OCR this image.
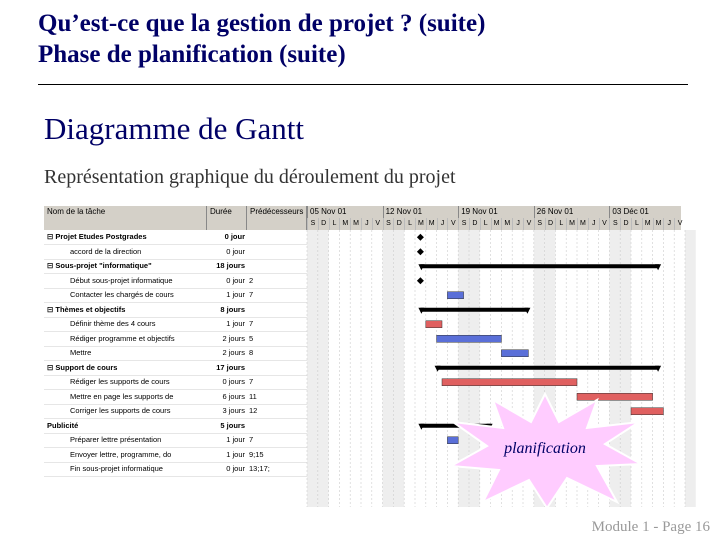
Qu’est-ce que la gestion de projet ? (suite)
Phase de planification (suite)
Diagramme de Gantt
Représentation graphique du déroulement du projet
Nom de la tâche	Durée	Prédécesseurs 05 Nov 01
S D L M M J V
12 Nov 01
S D L M M J V
19 Nov 01
S D L M M J V
26 Nov 01
S D L M M J V
03 Déc 01
S D L M M J V
⊟ Projet Etudes Postgrades	0 jour
accord de la direction	0 jour
⊟ Sous-projet "informatique"	18 jours
Début sous-projet informatique	0 jour 2
Contacter les chargés de cours	1 jour 7
⊟ Thèmes et objectifs	8 jours
Définir thème des 4 cours	1 jour 7
Rédiger programme et objectifs	2 jours 5
Mettre	2 jours 8
⊟ Support de cours	17 jours
Rédiger les supports de cours	0 jours 7
Mettre en page les supports de	6 jours 11
Corriger les supports de cours	3 jours 12
Publicité	5 jours
Préparer lettre présentation	1 jour 7
Envoyer lettre, programme, do	1 jour 9;15
Fin sous-projet informatique	0 jour 13;17;
planification
Module 1 - Page 16
